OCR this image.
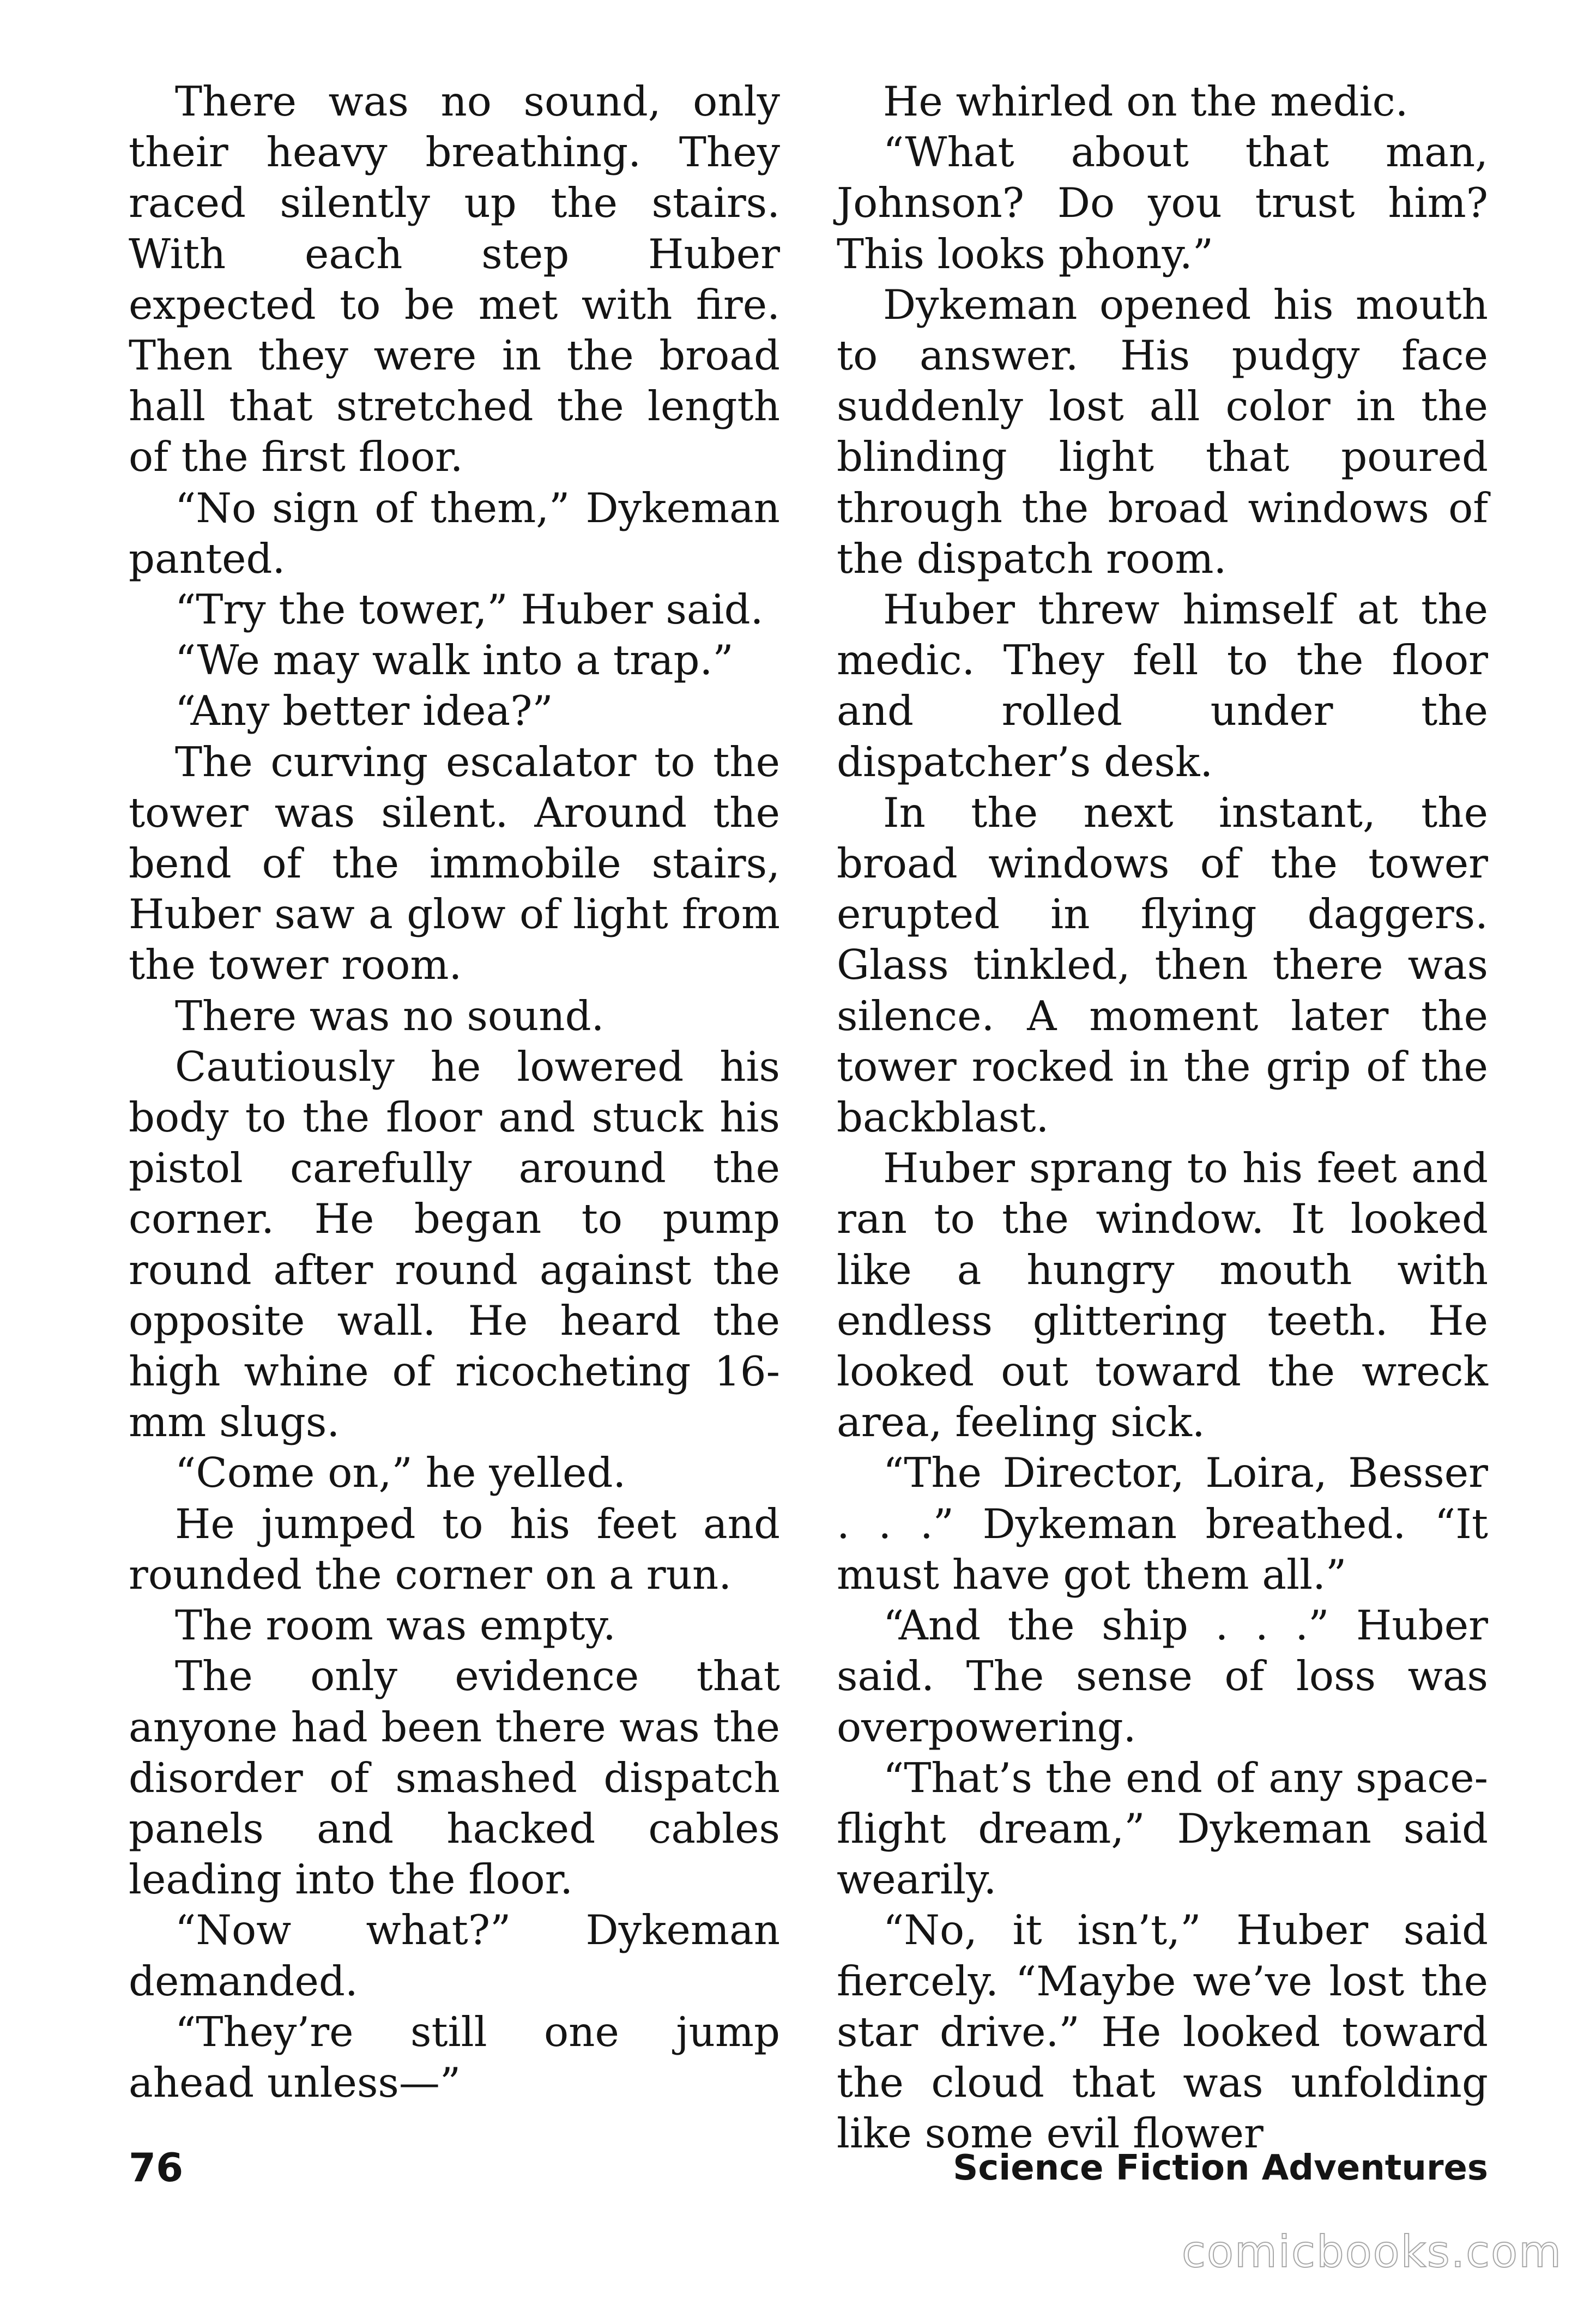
There was no sound, only their heavy breathing. They raced silently up the stairs. With each step Huber expected to be met with fire. Then they were in the broad hall that stretched the length of the first floor.

“No sign of them,” Dykeman panted.

“Try the tower,” Huber said.

“We may walk into a trap.”

“Any better idea?”

The curving escalator to the tower was silent. Around the bend of the immobile stairs, Huber saw a glow of light from the tower room.

There was no sound.

Cautiously he lowered his body to the floor and stuck his pistol carefully around the corner. He began to pump round after round against the opposite wall. He heard the high whine of ricocheting 16-mm slugs.

“Come on,” he yelled.

He jumped to his feet and rounded the corner on a run.

The room was empty.

The only evidence that anyone had been there was the disorder of smashed dispatch panels and hacked cables leading into the floor.

“Now what?” Dykeman demanded.

“They’re still one jump ahead unless—”

He whirled on the medic.

“What about that man, Johnson? Do you trust him? This looks phony.”

Dykeman opened his mouth to answer. His pudgy face suddenly lost all color in the blinding light that poured through the broad windows of the dispatch room.

Huber threw himself at the medic. They fell to the floor and rolled under the dispatcher’s desk.

In the next instant, the broad windows of the tower erupted in flying daggers. Glass tinkled, then there was silence. A moment later the tower rocked in the grip of the backblast.

Huber sprang to his feet and ran to the window. It looked like a hungry mouth with endless glittering teeth. He looked out toward the wreck area, feeling sick.

“The Director, Loira, Besser . . .” Dykeman breathed. “It must have got them all.”

“And the ship . . .” Huber said. The sense of loss was overpowering.

“That’s the end of any space-flight dream,” Dykeman said wearily.

“No, it isn’t,” Huber said fiercely. “Maybe we’ve lost the star drive.” He looked toward the cloud that was unfolding like some evil flower

76	Science Fiction Adventures
comicbooks.com
